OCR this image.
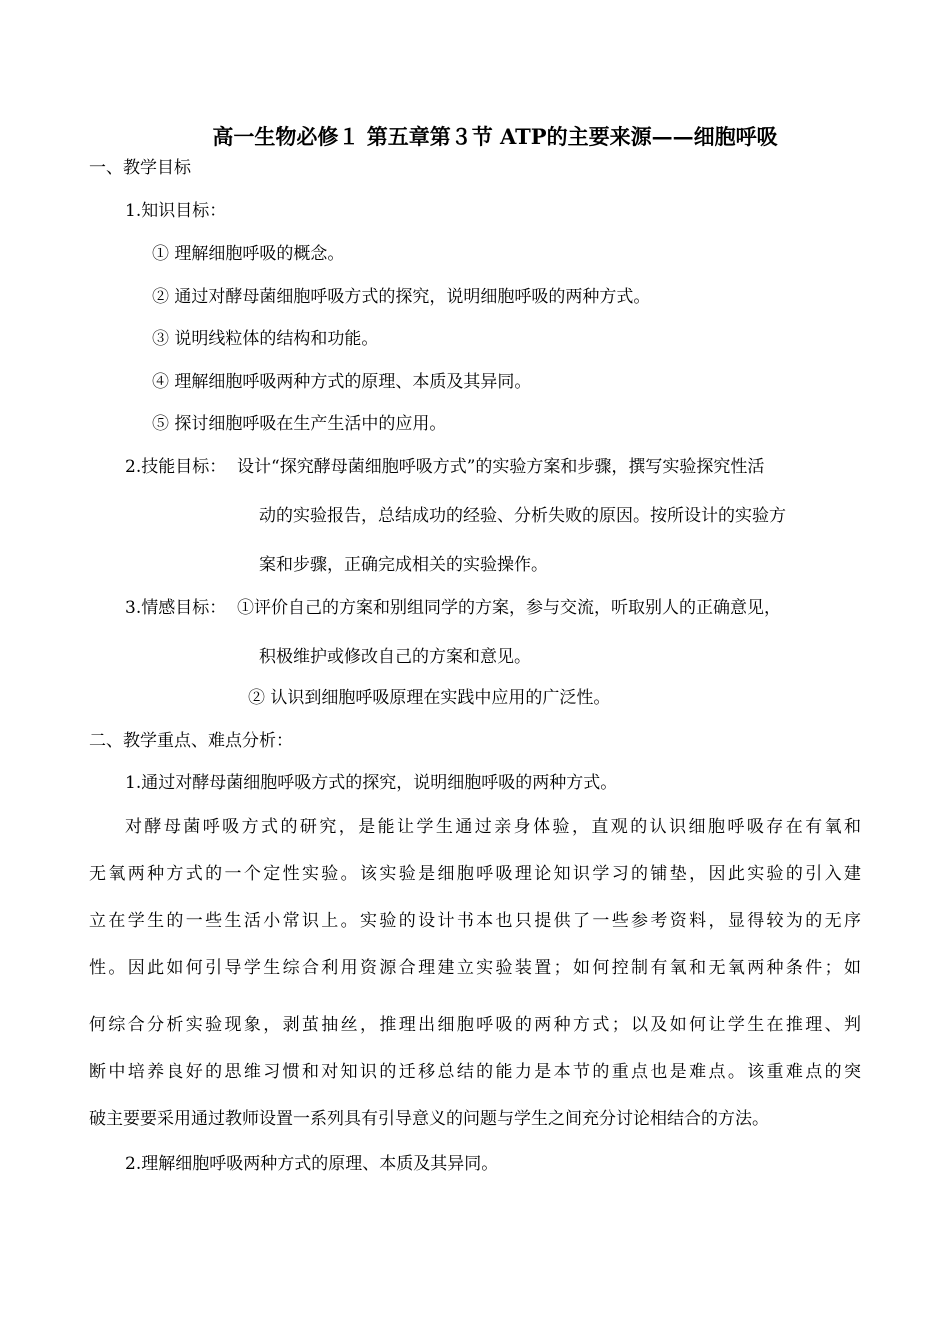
高一生物必修１ 第五章第３节 ATP的主要来源——细胞呼吸
一、教学目标
1.知识目标：
① 理解细胞呼吸的概念。
② 通过对酵母菌细胞呼吸方式的探究，说明细胞呼吸的两种方式。
③ 说明线粒体的结构和功能。
④ 理解细胞呼吸两种方式的原理、本质及其异同。
⑤ 探讨细胞呼吸在生产生活中的应用。
2.技能目标： 设计“探究酵母菌细胞呼吸方式”的实验方案和步骤，撰写实验探究性活
动的实验报告，总结成功的经验、分析失败的原因。按所设计的实验方
案和步骤，正确完成相关的实验操作。
3.情感目标： ①评价自己的方案和别组同学的方案，参与交流，听取别人的正确意见，
积极维护或修改自己的方案和意见。
② 认识到细胞呼吸原理在实践中应用的广泛性。
二、教学重点、难点分析：
1.通过对酵母菌细胞呼吸方式的探究，说明细胞呼吸的两种方式。
对酵母菌呼吸方式的研究，是能让学生通过亲身体验，直观的认识细胞呼吸存在有氧和
无氧两种方式的一个定性实验。该实验是细胞呼吸理论知识学习的铺垫，因此实验的引入建
立在学生的一些生活小常识上。实验的设计书本也只提供了一些参考资料，显得较为的无序
性。因此如何引导学生综合利用资源合理建立实验装置；如何控制有氧和无氧两种条件；如
何综合分析实验现象，剥茧抽丝，推理出细胞呼吸的两种方式；以及如何让学生在推理、判
断中培养良好的思维习惯和对知识的迁移总结的能力是本节的重点也是难点。该重难点的突
破主要要采用通过教师设置一系列具有引导意义的问题与学生之间充分讨论相结合的方法。
2.理解细胞呼吸两种方式的原理、本质及其异同。
